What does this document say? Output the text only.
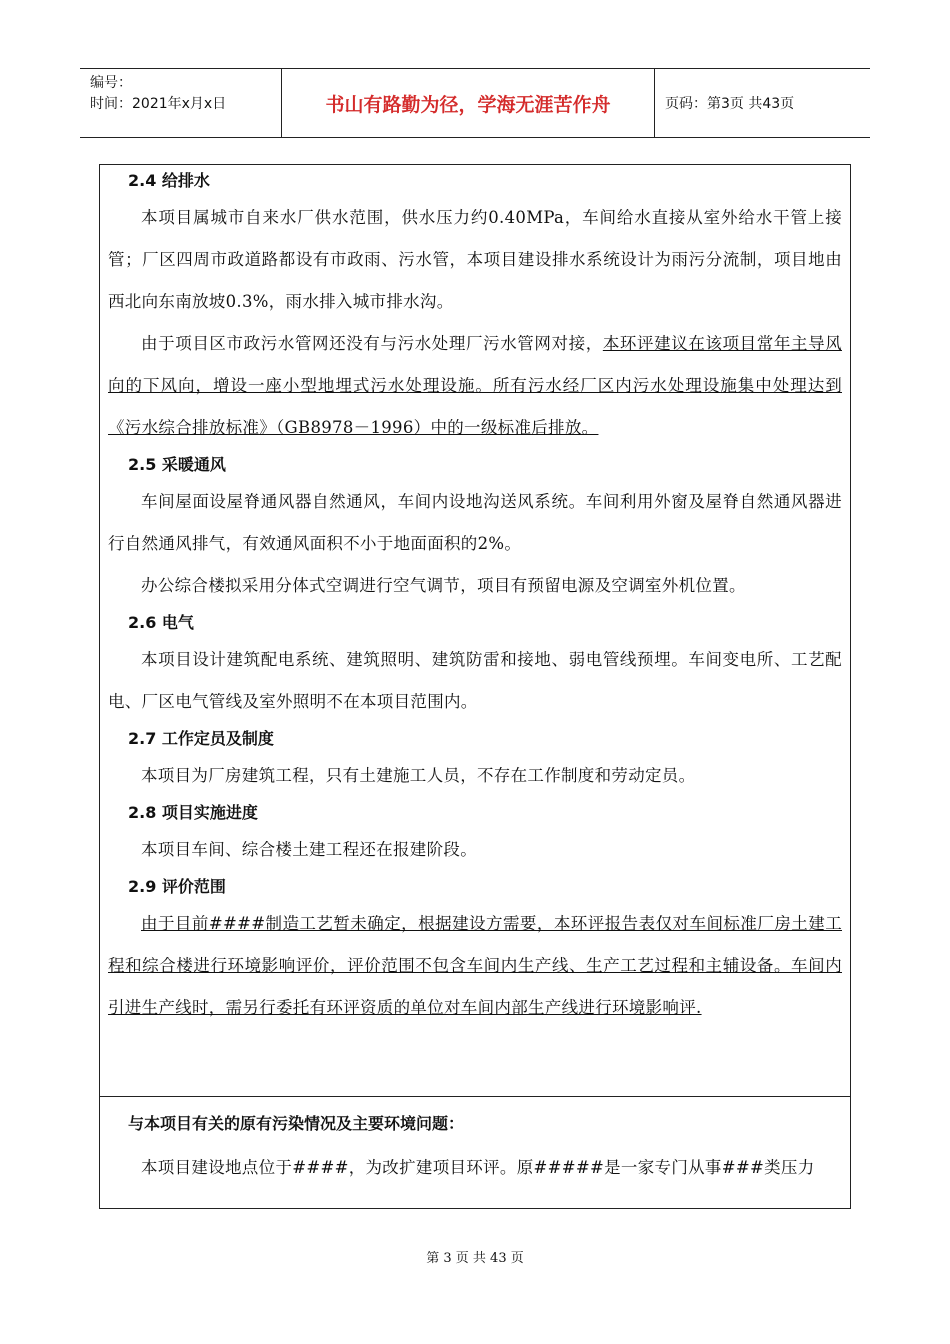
编号：
时间：2021年x月x日	书山有路勤为径，学海无涯苦作舟	页码：第3页 共43页
2.4 给排水

本项目属城市自来水厂供水范围，供水压力约0.40MPa，车间给水直接从室外给水干管上接管；厂区四周市政道路都设有市政雨、污水管，本项目建设排水系统设计为雨污分流制，项目地由西北向东南放坡0.3%，雨水排入城市排水沟。

由于项目区市政污水管网还没有与污水处理厂污水管网对接，本环评建议在该项目常年主导风向的下风向，增设一座小型地埋式污水处理设施。所有污水经厂区内污水处理设施集中处理达到《污水综合排放标准》（GB8978－1996）中的一级标准后排放。

2.5 采暖通风

车间屋面设屋脊通风器自然通风，车间内设地沟送风系统。车间利用外窗及屋脊自然通风器进行自然通风排气，有效通风面积不小于地面面积的2%。

办公综合楼拟采用分体式空调进行空气调节，项目有预留电源及空调室外机位置。

2.6 电气

本项目设计建筑配电系统、建筑照明、建筑防雷和接地、弱电管线预埋。车间变电所、工艺配电、厂区电气管线及室外照明不在本项目范围内。

2.7 工作定员及制度

本项目为厂房建筑工程，只有土建施工人员，不存在工作制度和劳动定员。

2.8 项目实施进度

本项目车间、综合楼土建工程还在报建阶段。

2.9 评价范围

由于目前####制造工艺暂未确定，根据建设方需要，本环评报告表仅对车间标准厂房土建工程和综合楼进行环境影响评价，评价范围不包含车间内生产线、生产工艺过程和主辅设备。车间内引进生产线时，需另行委托有环评资质的单位对车间内部生产线进行环境影响评.

与本项目有关的原有污染情况及主要环境问题：

本项目建设地点位于####，为改扩建项目环评。原#####是一家专门从事###类压力

第 3 页 共 43 页
